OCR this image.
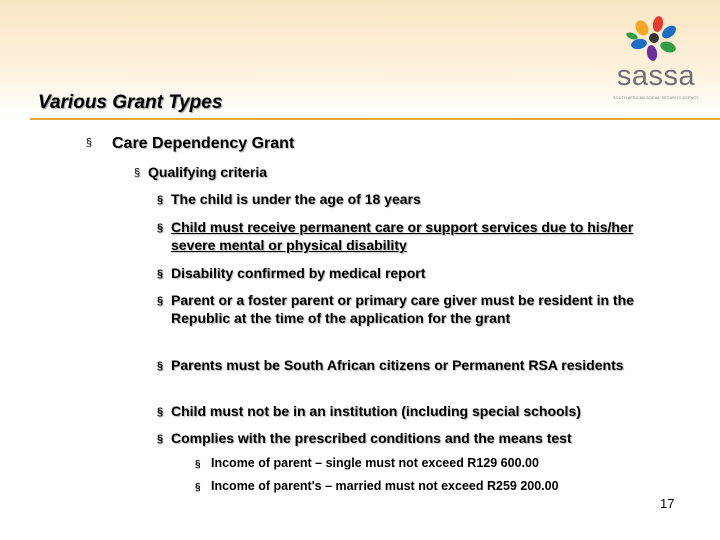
sassa
SOUTH AFRICAN SOCIAL SECURITY AGENCY
Various Grant Types
§ Care Dependency Grant
§ Qualifying criteria
§ The child is under the age of 18 years
§ Child must receive permanent care or support services due to his/her severe mental or physical disability
§ Disability confirmed by medical report
§ Parent or a foster parent or primary care giver must be resident in the Republic at the time of the application for the grant
§ Parents must be South African citizens or Permanent RSA residents
§ Child must not be in an institution (including special schools)
§ Complies with the prescribed conditions and the means test
§ Income of parent – single must not exceed R129 600.00
§ Income of parent's – married must not exceed R259 200.00
17
